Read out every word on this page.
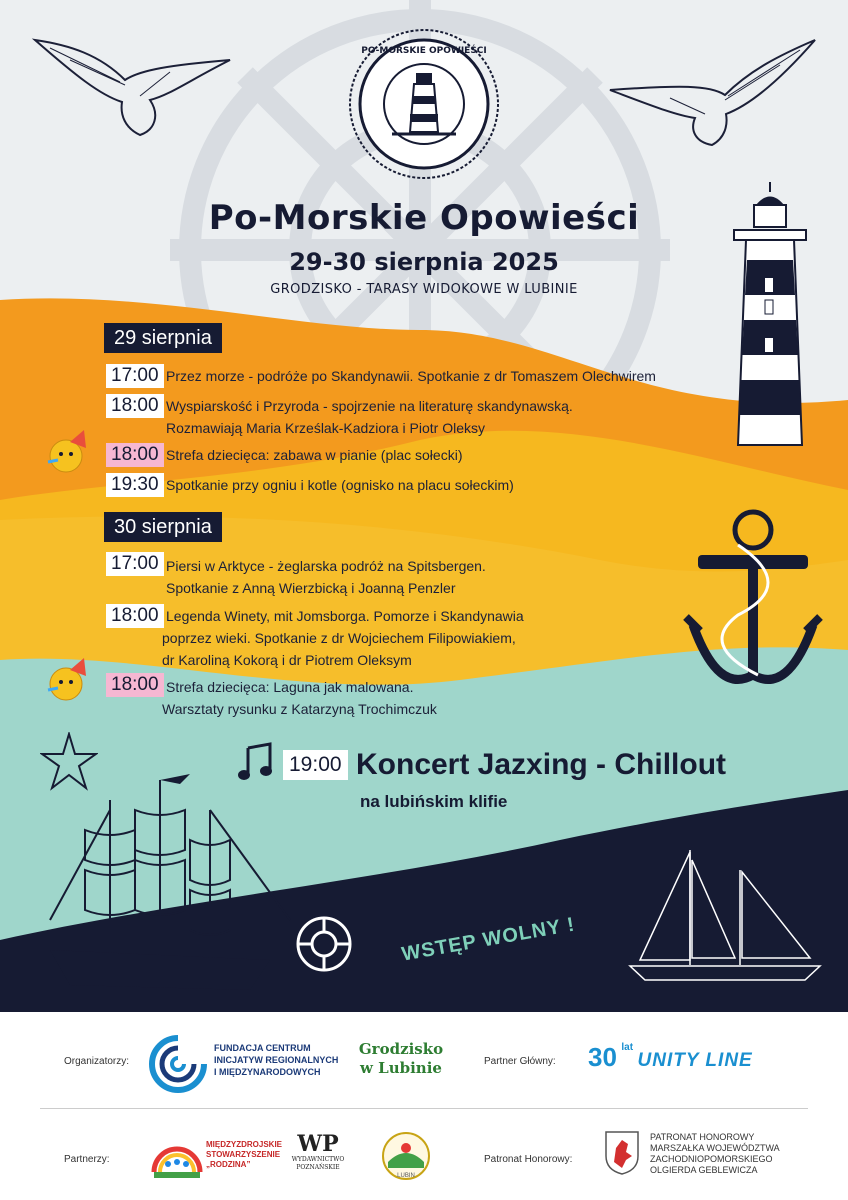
PO-MORSKIE OPOWIEŚCI
Po-Morskie Opowieści
29-30 sierpnia 2025
GRODZISKO - TARASY WIDOKOWE W LUBINIE
29 sierpnia
17:00 Przez morze - podróże po Skandynawii. Spotkanie z dr Tomaszem Olechwirem
18:00 Wyspiarskość i Przyroda - spojrzenie na literaturę skandynawską.
Rozmawiają Maria Krześlak-Kadziora i Piotr Oleksy
18:00 Strefa dziecięca: zabawa w pianie (plac sołecki)
19:30 Spotkanie przy ogniu i kotle (ognisko na placu sołeckim)
30 sierpnia
17:00 Piersi w Arktyce - żeglarska podróż na Spitsbergen.
Spotkanie z Anną Wierzbicką i Joanną Penzler
18:00 Legenda Winety, mit Jomsborga. Pomorze i Skandynawia
poprzez wieki. Spotkanie z dr Wojciechem Filipowiakiem,
dr Karoliną Kokorą i dr Piotrem Oleksym
18:00 Strefa dziecięca: Laguna jak malowana.
Warsztaty rysunku z Katarzyną Trochimczuk
19:00 Koncert Jazxing - Chillout
na lubińskim klifie
WSTĘP WOLNY !
Organizatorzy:
FUNDACJA CENTRUM
INICJATYW REGIONALNYCH
I MIĘDZYNARODOWYCH
Grodzisko
w Lubinie	Partner Główny: 30 $^{lat}$ UNITY LINE
Partnerzy:
MIĘDZYZDROJSKIE
STOWARZYSZENIE
„RODZINA”
WP
WYDAWNICTWO
POZNAŃSKIE
LUBIN
Patronat Honorowy:
PATRONAT HONOROWY
MARSZAŁKA WOJEWÓDZTWA
ZACHODNIOPOMORSKIEGO
OLGIERDA GEBLEWICZA
